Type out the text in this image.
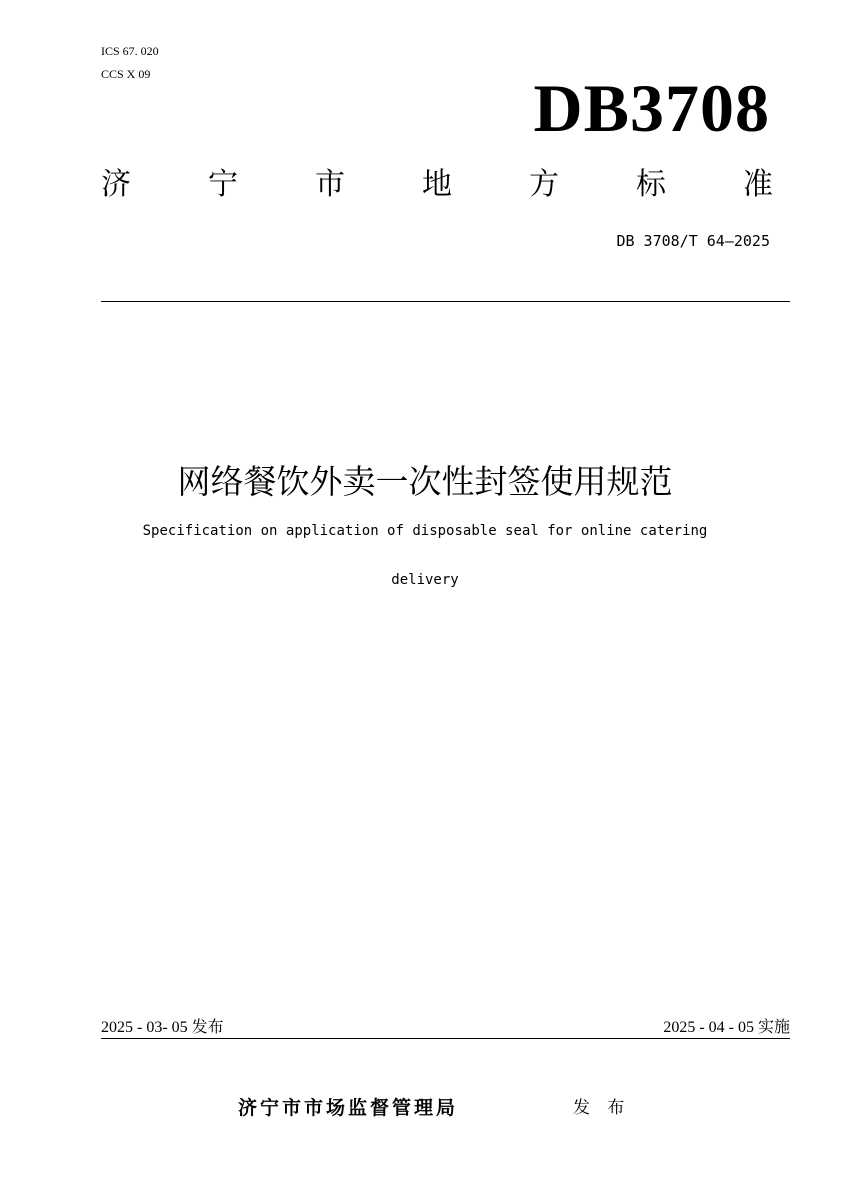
ICS 67. 020
CCS X 09	DB3708
济	宁	市	地	方	标	准
DB 3708/T 64—2025
网络餐饮外卖一次性封签使用规范
Specification on application of disposable seal for online catering
delivery
2025 - 03- 05 发布	2025 - 04 - 05 实施
济宁市市场监督管理局	发 布
